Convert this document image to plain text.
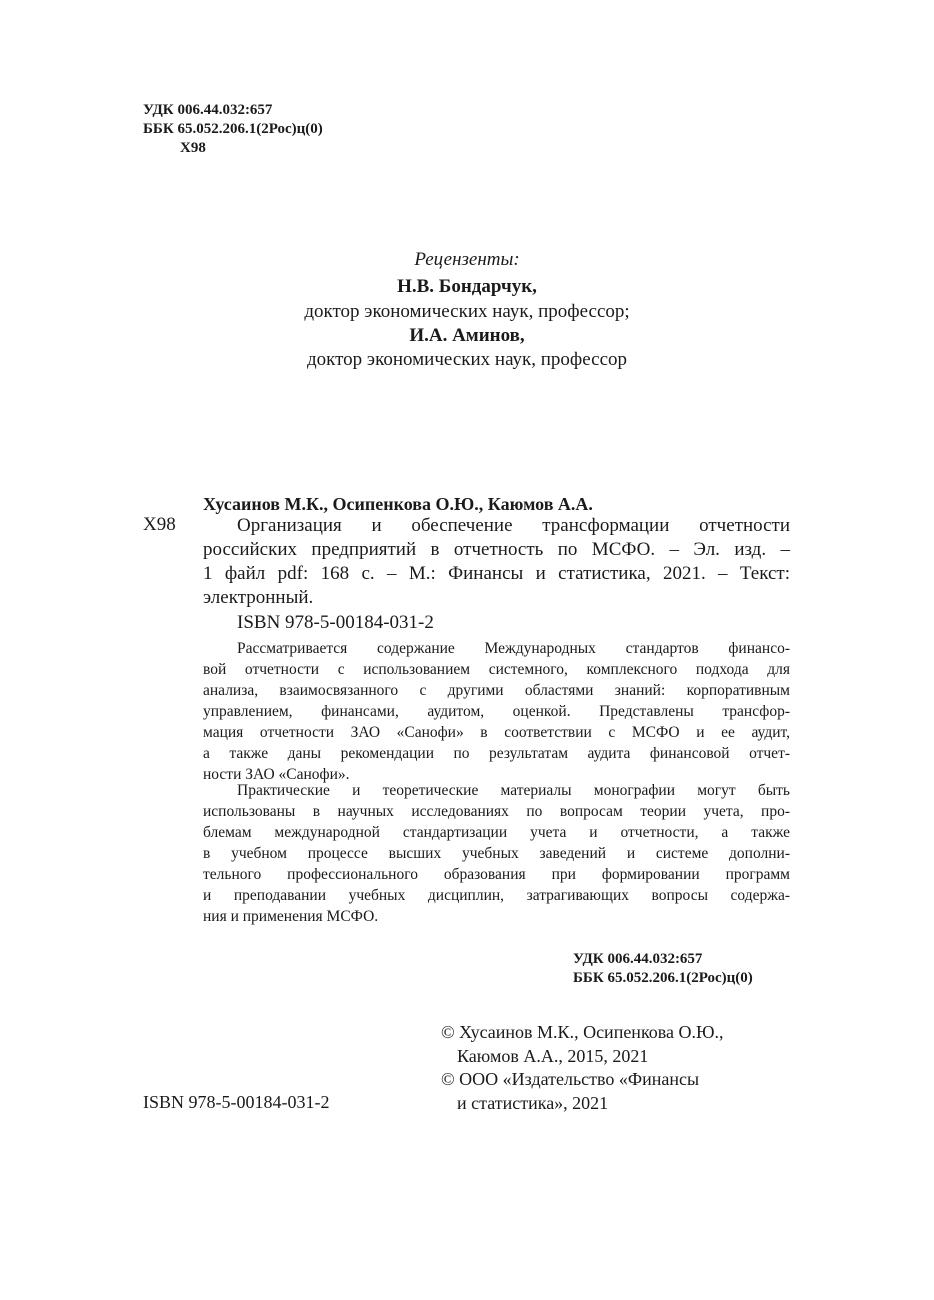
УДК 006.44.032:657
ББК 65.052.206.1(2Рос)ц(0)
Х98
Рецензенты:
Н.В. Бондарчук,
доктор экономических наук, профессор;
И.А. Аминов,
доктор экономических наук, профессор
Хусаинов М.К., Осипенкова О.Ю., Каюмов А.А.
Х98	Организация и обеспечение трансформации отчетности
российских предприятий в отчетность по МСФО. – Эл. изд. –
1 файл pdf: 168 с. – М.: Финансы и статистика, 2021. – Текст:
электронный.
ISBN 978-5-00184-031-2
Рассматривается содержание Международных стандартов финансо-
вой отчетности с использованием системного, комплексного подхода для
анализа, взаимосвязанного с другими областями знаний: корпоративным
управлением, финансами, аудитом, оценкой. Представлены трансфор-
мация отчетности ЗАО «Санофи» в соответствии с МСФО и ее аудит,
а также даны рекомендации по результатам аудита финансовой отчет-
ности ЗАО «Санофи».
Практические и теоретические материалы монографии могут быть
использованы в научных исследованиях по вопросам теории учета, про-
блемам международной стандартизации учета и отчетности, а также
в учебном процессе высших учебных заведений и системе дополни-
тельного профессионального образования при формировании программ
и преподавании учебных дисциплин, затрагивающих вопросы содержа-
ния и применения МСФО.
УДК 006.44.032:657
ББК 65.052.206.1(2Рос)ц(0)
© Хусаинов М.К., Осипенкова О.Ю.,
Каюмов А.А., 2015, 2021
© ООО «Издательство «Финансы
и статистика», 2021
ISBN 978-5-00184-031-2
